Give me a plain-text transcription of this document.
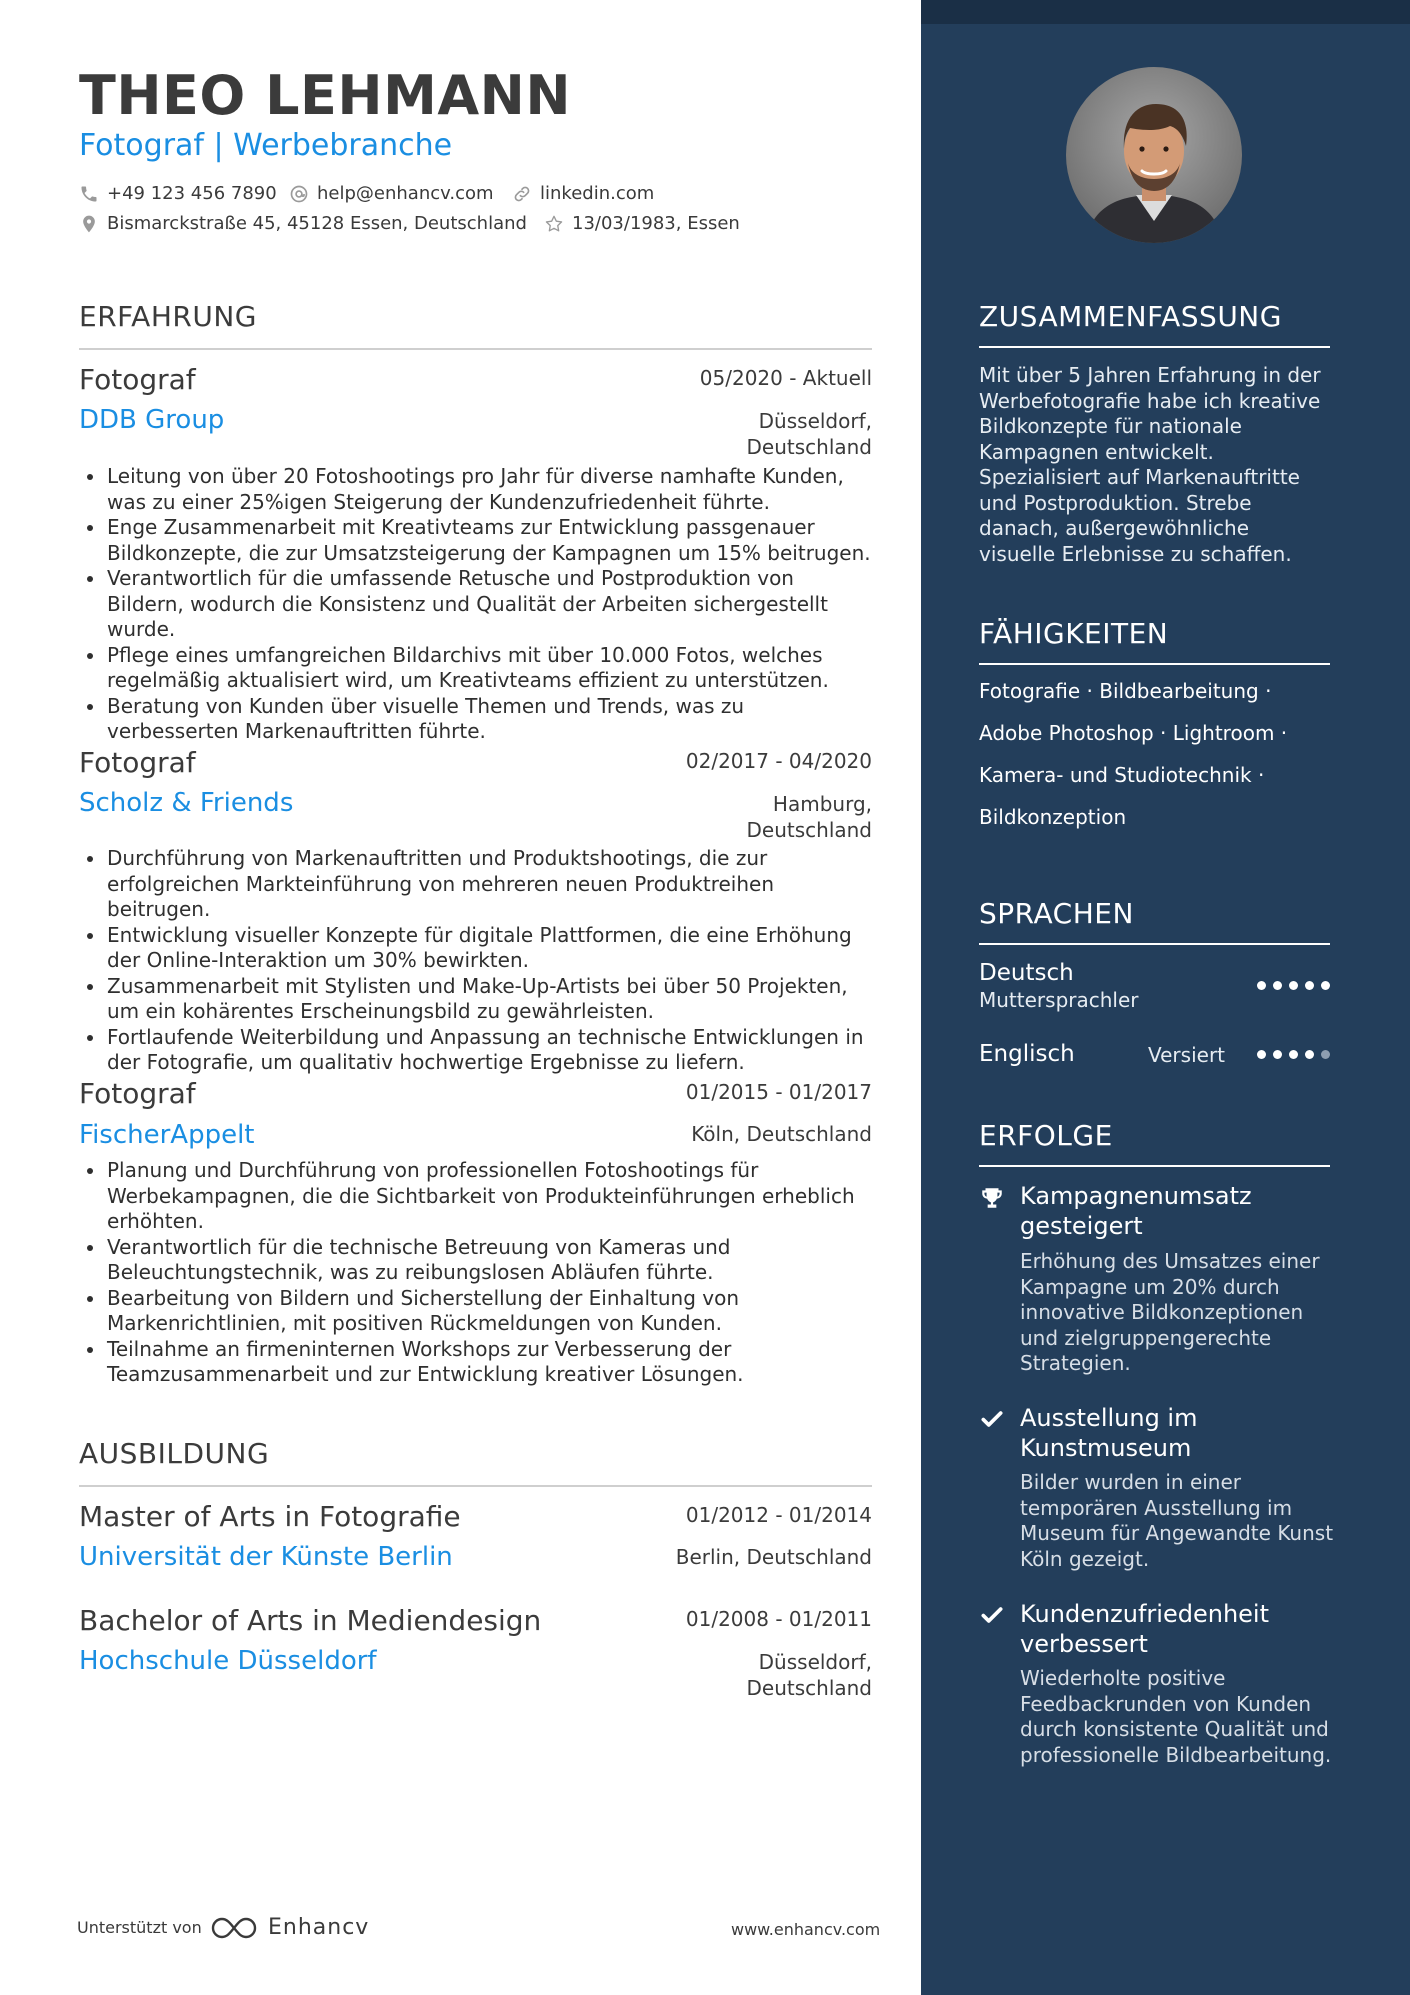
THEO LEHMANN
Fotograf | Werbebranche
+49 123 456 7890 help@enhancv.com	linkedin.com
Bismarckstraße 45, 45128 Essen, Deutschland	13/03/1983, Essen
ERFAHRUNG
Fotograf	05/2020 - Aktuell
DDB Group	Düsseldorf, Deutschland
Leitung von über 20 Fotoshootings pro Jahr für diverse namhafte Kunden, was zu einer 25%igen Steigerung der Kundenzufriedenheit führte.
Enge Zusammenarbeit mit Kreativteams zur Entwicklung passgenauer Bildkonzepte, die zur Umsatzsteigerung der Kampagnen um 15% beitrugen.
Verantwortlich für die umfassende Retusche und Postproduktion von Bildern, wodurch die Konsistenz und Qualität der Arbeiten sichergestellt wurde.
Pflege eines umfangreichen Bildarchivs mit über 10.000 Fotos, welches regelmäßig aktualisiert wird, um Kreativteams effizient zu unterstützen.
Beratung von Kunden über visuelle Themen und Trends, was zu verbesserten Markenauftritten führte.
Fotograf	02/2017 - 04/2020
Scholz & Friends	Hamburg, Deutschland
Durchführung von Markenauftritten und Produktshootings, die zur erfolgreichen Markteinführung von mehreren neuen Produktreihen beitrugen.
Entwicklung visueller Konzepte für digitale Plattformen, die eine Erhöhung der Online-Interaktion um 30% bewirkten.
Zusammenarbeit mit Stylisten und Make-Up-Artists bei über 50 Projekten, um ein kohärentes Erscheinungsbild zu gewährleisten.
Fortlaufende Weiterbildung und Anpassung an technische Entwicklungen in der Fotografie, um qualitativ hochwertige Ergebnisse zu liefern.
Fotograf	01/2015 - 01/2017
FischerAppelt	Köln, Deutschland
Planung und Durchführung von professionellen Fotoshootings für Werbekampagnen, die die Sichtbarkeit von Produkteinführungen erheblich erhöhten.
Verantwortlich für die technische Betreuung von Kameras und Beleuchtungstechnik, was zu reibungslosen Abläufen führte.
Bearbeitung von Bildern und Sicherstellung der Einhaltung von Markenrichtlinien, mit positiven Rückmeldungen von Kunden.
Teilnahme an firmeninternen Workshops zur Verbesserung der Teamzusammenarbeit und zur Entwicklung kreativer Lösungen.
AUSBILDUNG
Master of Arts in Fotografie	01/2012 - 01/2014
Universität der Künste Berlin	Berlin, Deutschland
Bachelor of Arts in Mediendesign	01/2008 - 01/2011
Hochschule Düsseldorf	Düsseldorf, Deutschland
Unterstützt von	Enhancv	www.enhancv.com
ZUSAMMENFASSUNG
Mit über 5 Jahren Erfahrung in der Werbefotografie habe ich kreative Bildkonzepte für nationale Kampagnen entwickelt. Spezialisiert auf Markenauftritte und Postproduktion. Strebe danach, außergewöhnliche visuelle Erlebnisse zu schaffen.
FÄHIGKEITEN
Fotografie · Bildbearbeitung ·
Adobe Photoshop · Lightroom ·
Kamera- und Studiotechnik ·
Bildkonzeption
SPRACHEN
Deutsch
Muttersprachler
Englisch	Versiert
ERFOLGE
Kampagnenumsatz gesteigert
Erhöhung des Umsatzes einer Kampagne um 20% durch innovative Bildkonzeptionen und zielgruppengerechte Strategien.
Ausstellung im Kunstmuseum
Bilder wurden in einer temporären Ausstellung im Museum für Angewandte Kunst Köln gezeigt.
Kundenzufriedenheit verbessert
Wiederholte positive Feedbackrunden von Kunden durch konsistente Qualität und professionelle Bildbearbeitung.
